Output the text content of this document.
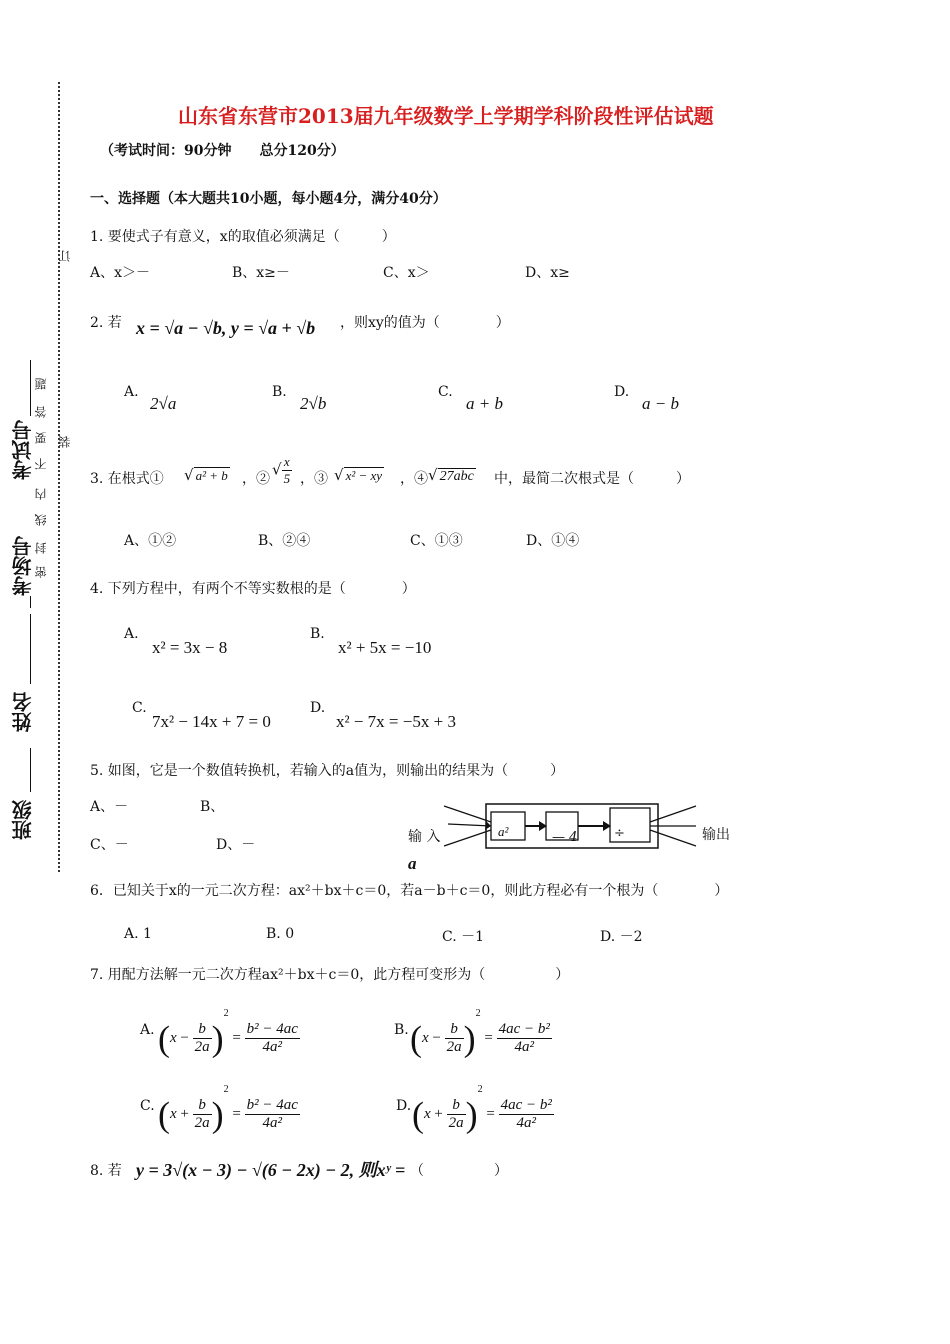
订
装
班级
姓名
考场号 密
封
线
内
考试号 不
要
答
题
山东省东营市2013届九年级数学上学期学科阶段性评估试题
（考试时间：90分钟　　总分120分）
一、选择题（本大题共10小题，每小题4分，满分40分）
1. 要使式子有意义，x的取值必须满足（　　　）
A、x＞－	B、x≥－	C、x＞	D、x≥
2. 若 x = √a − √b, y = √a + √b ，则xy的值为（　　　　）
A.
2√a
B.
2√b
C.
a + b
D.
a − b
3. 在根式① √ a² + b ，②
√ $\frac{x}{5}$ ，③ √ x² − xy ，④ √ 27abc 中，最简二次根式是（　　　）
A、①②	B、②④	C、①③	D、①④
4. 下列方程中，有两个不等实数根的是（　　　　）
A.
x² = 3x − 8
B.
x² + 5x = −10
C.
7x² − 14x + 7 = 0
D.
x² − 7x = −5x + 3
5. 如图，它是一个数值转换机，若输入的a值为，则输出的结果为（　　　）
A、－	B、
C、－	D、－	输 入
a
a²	— 4	÷	输出
6．已知关于x的一元二次方程：ax²＋bx＋c＝0，若a－b＋c＝0，则此方程必有一个根为（　　　　）
A. 1	B. 0	C. －1	D. －2
7. 用配方法解一元二次方程ax²＋bx＋c＝0，此方程可变形为（　　　　　）
A. $(x - \frac{b}{2a} )^2 = \frac{\text{b² − 4ac}}{\text{4a²}}$	B. $(x - \frac{b}{2a} )^2 = \frac{\text{4ac − b²}}{\text{4a²}}$
C. $(x + \frac{b}{2a} )^2 = \frac{\text{b² − 4ac}}{\text{4a²}}$	D. $(x + \frac{b}{2a} )^2 = \frac{\text{4ac − b²}}{\text{4a²}}$
8. 若 y = 3√(x − 3) − √(6 − 2x) − 2, 则xʸ = （　　　　　）
